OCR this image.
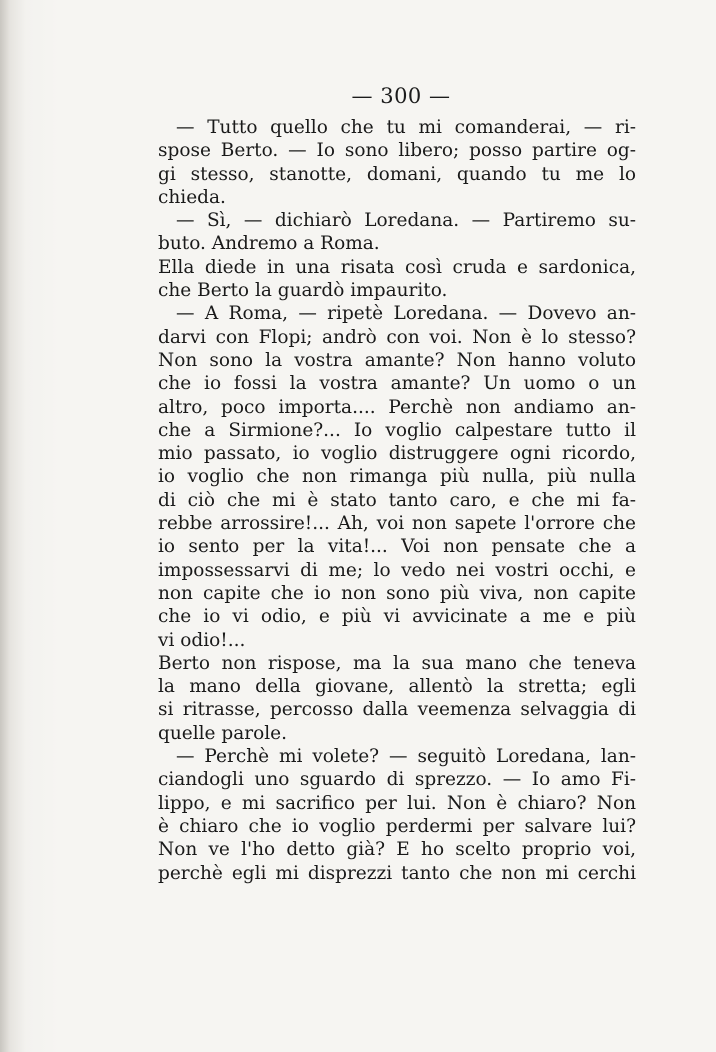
— 300 —
— Tutto quello che tu mi comanderai, — ri-
spose Berto. — Io sono libero; posso partire og-
gi stesso, stanotte, domani, quando tu me lo
chieda.
— Sì, — dichiarò Loredana. — Partiremo su-
buto. Andremo a Roma.
Ella diede in una risata così cruda e sardonica,
che Berto la guardò impaurito.
— A Roma, — ripetè Loredana. — Dovevo an-
darvi con Flopi; andrò con voi. Non è lo stesso?
Non sono la vostra amante? Non hanno voluto
che io fossi la vostra amante? Un uomo o un
altro, poco importa.... Perchè non andiamo an-
che a Sirmione?... Io voglio calpestare tutto il
mio passato, io voglio distruggere ogni ricordo,
io voglio che non rimanga più nulla, più nulla
di ciò che mi è stato tanto caro, e che mi fa-
rebbe arrossire!... Ah, voi non sapete l'orrore che
io sento per la vita!... Voi non pensate che a
impossessarvi di me; lo vedo nei vostri occhi, e
non capite che io non sono più viva, non capite
che io vi odio, e più vi avvicinate a me e più
vi odio!...
Berto non rispose, ma la sua mano che teneva
la mano della giovane, allentò la stretta; egli
si ritrasse, percosso dalla veemenza selvaggia di
quelle parole.
— Perchè mi volete? — seguitò Loredana, lan-
ciandogli uno sguardo di sprezzo. — Io amo Fi-
lippo, e mi sacrifico per lui. Non è chiaro? Non
è chiaro che io voglio perdermi per salvare lui?
Non ve l'ho detto già? E ho scelto proprio voi,
perchè egli mi disprezzi tanto che non mi cerchi
